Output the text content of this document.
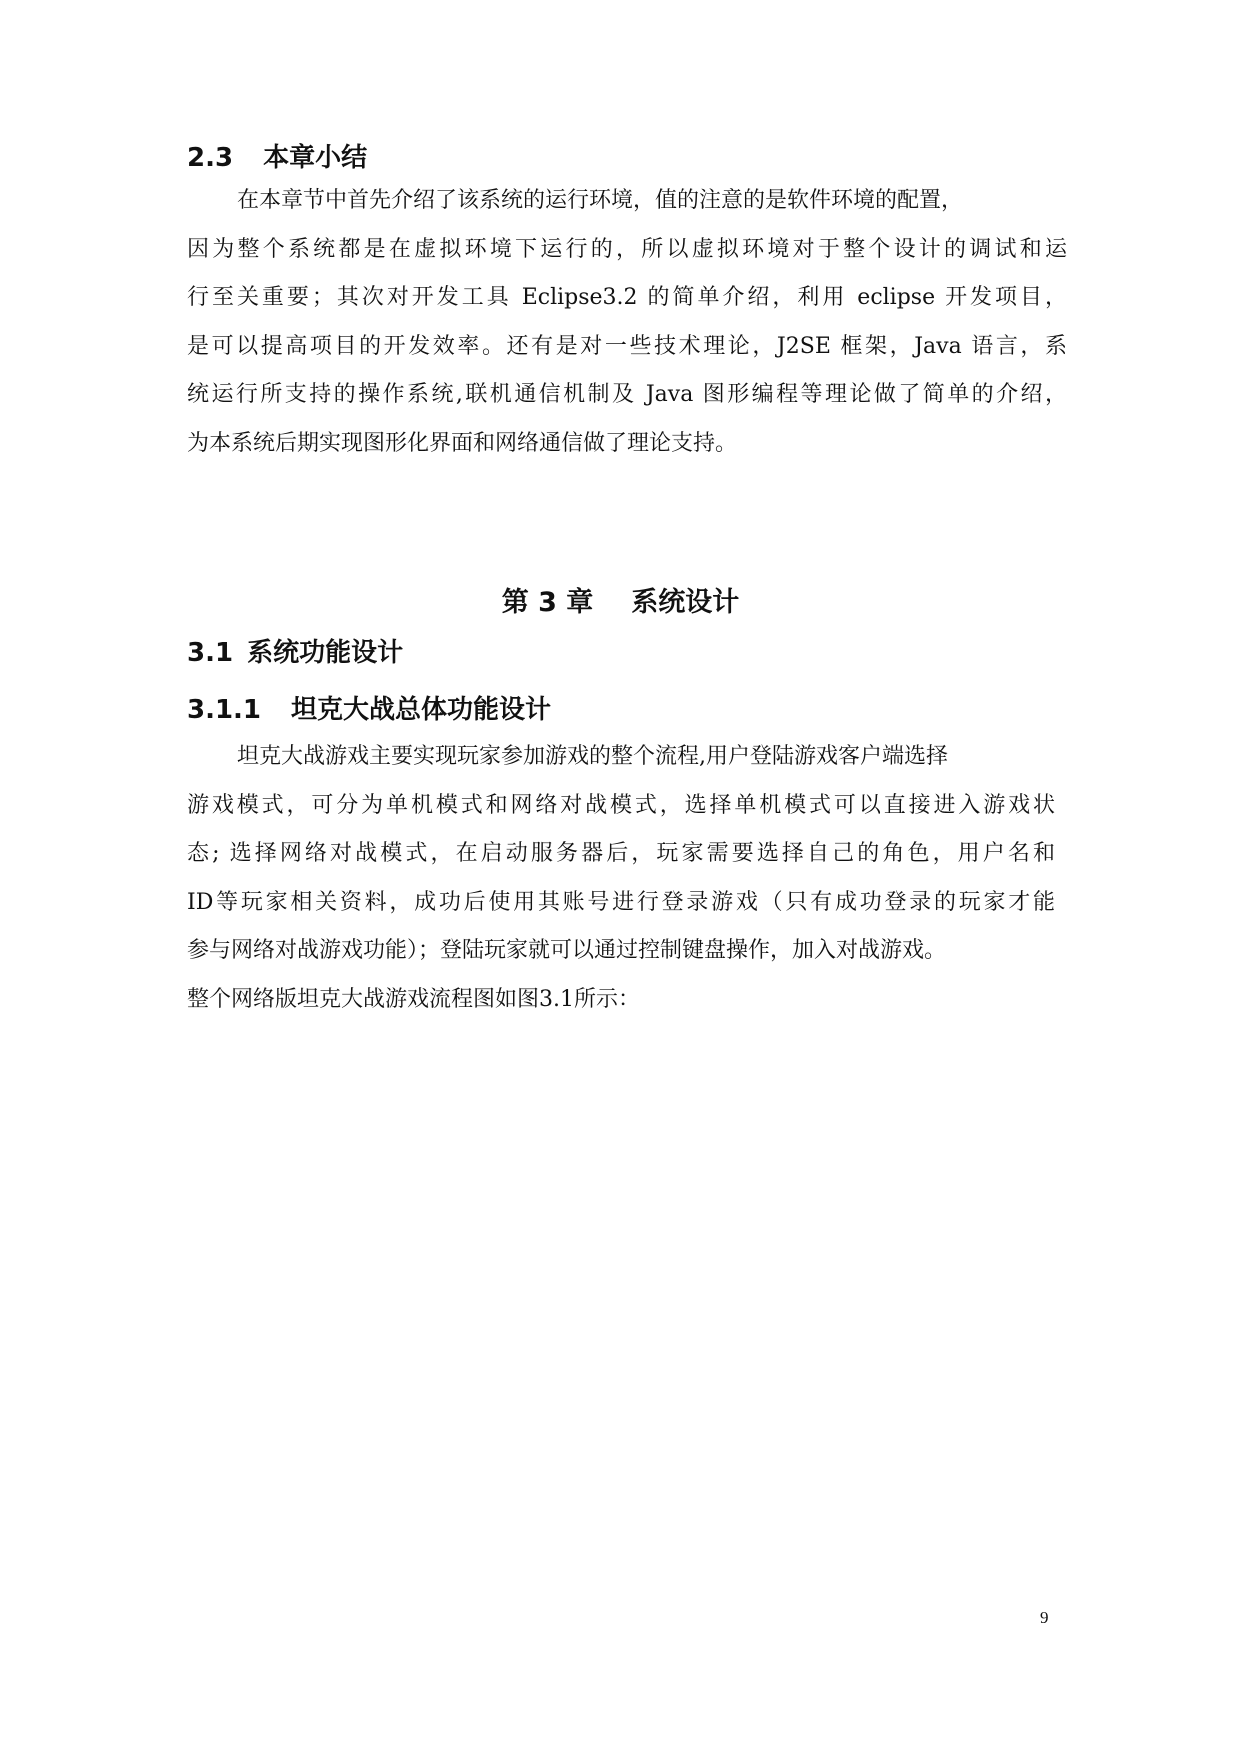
2.3 本章小结
在本章节中首先介绍了该系统的运行环境，值的注意的是软件环境的配置，
因为整个系统都是在虚拟环境下运行的，所以虚拟环境对于整个设计的调试和运
行至关重要；其次对开发工具 Eclipse3.2 的简单介绍，利用 eclipse 开发项目，
是可以提高项目的开发效率。还有是对一些技术理论，J2SE 框架，Java 语言，系
统运行所支持的操作系统,联机通信机制及 Java 图形编程等理论做了简单的介绍，
为本系统后期实现图形化界面和网络通信做了理论支持。
第 3 章 系统设计
3.1 系统功能设计
3.1.1 坦克大战总体功能设计
坦克大战游戏主要实现玩家参加游戏的整个流程,用户登陆游戏客户端选择
游戏模式，可分为单机模式和网络对战模式，选择单机模式可以直接进入游戏状
态; 选择网络对战模式，在启动服务器后，玩家需要选择自己的角色，用户名和
ID等玩家相关资料，成功后使用其账号进行登录游戏（只有成功登录的玩家才能
参与网络对战游戏功能）；登陆玩家就可以通过控制键盘操作，加入对战游戏。
整个网络版坦克大战游戏流程图如图3.1所示：
9
